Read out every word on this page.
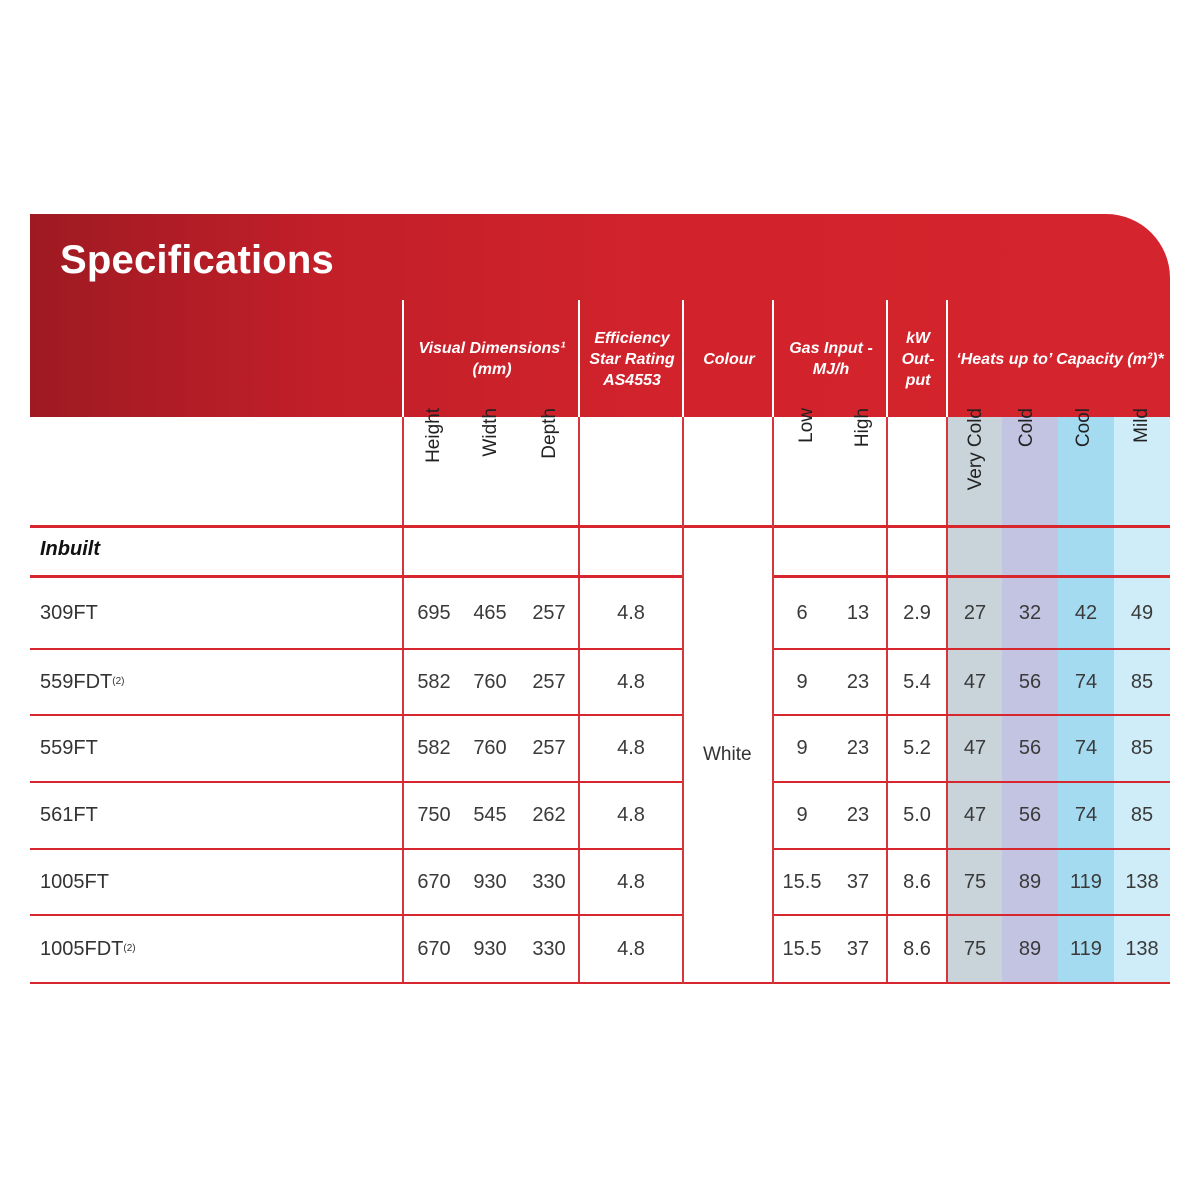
Specifications
Visual Dimensions¹ (mm)
Efficiency Star Rating AS4553
Colour
Gas Input - MJ/h
kW Out- put
‘Heats up to’ Capacity (m²)*
Height Width Depth	Low High	Very Cold Cold Cool Mild
Inbuilt
White
309FT	695	465	257	4.8	6	13	2.9	27	32	42	49
559FDT (2)	582	760	257	4.8	9	23	5.4	47	56	74	85
559FT	582	760	257	4.8	9	23	5.2	47	56	74	85
561FT	750	545	262	4.8	9	23	5.0	47	56	74	85
1005FT	670	930	330	4.8	15.5	37	8.6	75	89	119	138
1005FDT (2)	670	930	330	4.8	15.5	37	8.6	75	89	119	138
